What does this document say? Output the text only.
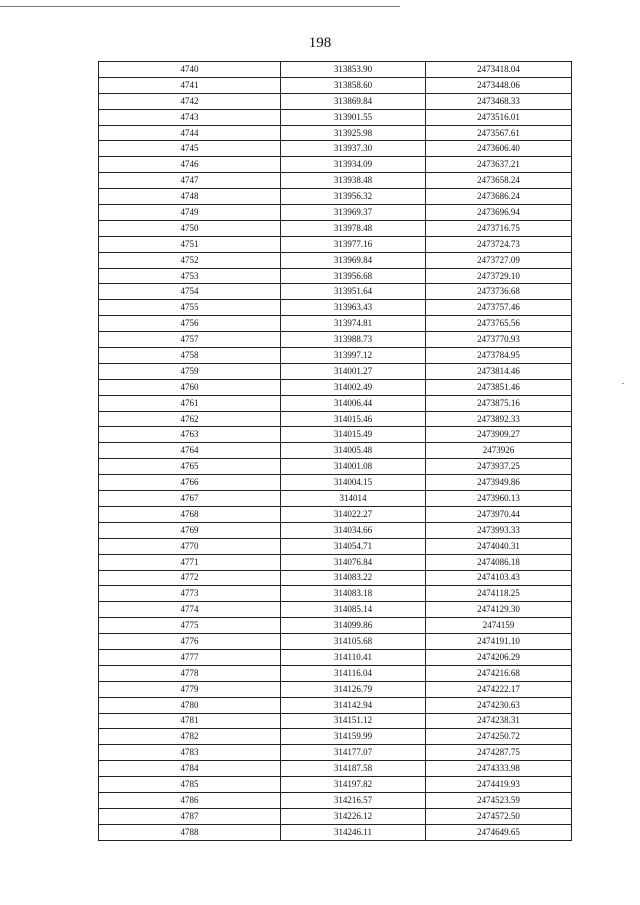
198
4740	313853.90	2473418.04
4741	313858.60	2473448.06
4742	313869.84	2473468.33
4743	313901.55	2473516.01
4744	313925.98	2473567.61
4745	313937.30	2473606.40
4746	313934.09	2473637.21
4747	313938.48	2473658.24
4748	313956.32	2473686.24
4749	313969.37	2473696.94
4750	313978.48	2473716.75
4751	313977.16	2473724.73
4752	313969.84	2473727.09
4753	313956.68	2473729.10
4754	313951.64	2473736.68
4755	313963.43	2473757.46
4756	313974.81	2473765.56
4757	313988.73	2473770.93
4758	313997.12	2473784.95
4759	314001.27	2473814.46
4760	314002.49	2473851.46
4761	314006.44	2473875.16
4762	314015.46	2473892.33
4763	314015.49	2473909.27
4764	314005.48	2473926
4765	314001.08	2473937.25
4766	314004.15	2473949.86
4767	314014	2473960.13
4768	314022.27	2473970.44
4769	314034.66	2473993.33
4770	314054.71	2474040.31
4771	314076.84	2474086.18
4772	314083.22	2474103.43
4773	314083.18	2474118.25
4774	314085.14	2474129.30
4775	314099.86	2474159
4776	314105.68	2474191.10
4777	314110.41	2474206.29
4778	314116.04	2474216.68
4779	314126.79	2474222.17
4780	314142.94	2474230.63
4781	314151.12	2474238.31
4782	314159.99	2474250.72
4783	314177.07	2474287.75
4784	314187.58	2474333.98
4785	314197.82	2474419.93
4786	314216.57	2474523.59
4787	314226.12	2474572.50
4788	314246.11	2474649.65
